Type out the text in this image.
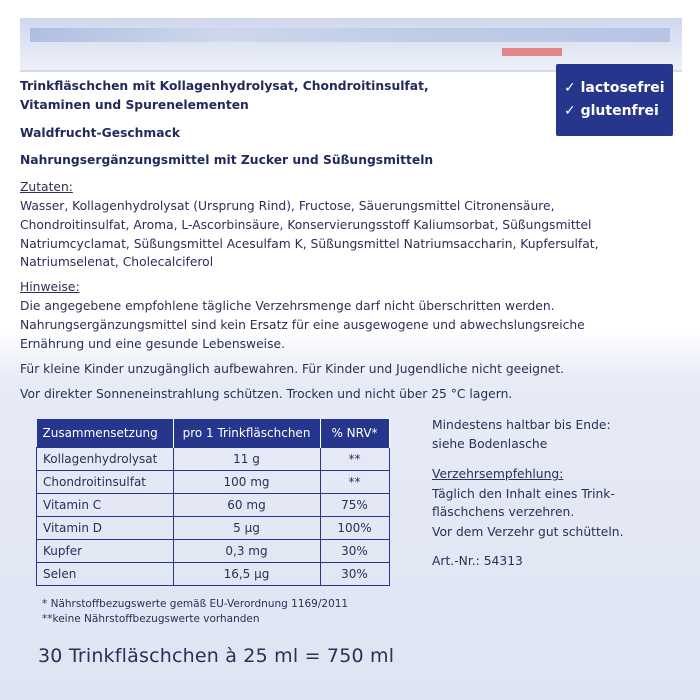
Trinkfläschchen mit Kollagenhydrolysat, Chondroitinsulfat,

Vitaminen und Spurenelementen

Waldfrucht-Geschmack

Nahrungsergänzungsmittel mit Zucker und Süßungsmitteln

✓ lactosefrei
✓ glutenfrei

Zutaten:

Wasser, Kollagenhydrolysat (Ursprung Rind), Fructose, Säuerungsmittel Citronensäure,

Chondroitinsulfat, Aroma, L-Ascorbinsäure, Konservierungsstoff Kaliumsorbat, Süßungsmittel

Natriumcyclamat, Süßungsmittel Acesulfam K, Süßungsmittel Natriumsaccharin, Kupfersulfat,

Natriumselenat, Cholecalciferol

Hinweise:

Die angegebene empfohlene tägliche Verzehrsmenge darf nicht überschritten werden.

Nahrungsergänzungsmittel sind kein Ersatz für eine ausgewogene und abwechslungsreiche

Ernährung und eine gesunde Lebensweise.

Für kleine Kinder unzugänglich aufbewahren. Für Kinder und Jugendliche nicht geeignet.

Vor direkter Sonneneinstrahlung schützen. Trocken und nicht über 25 °C lagern.

Zusammensetzung	pro 1 Trinkfläschchen	% NRV*
Kollagenhydrolysat	11 g	**
Chondroitinsulfat	100 mg	**
Vitamin C	60 mg	75%
Vitamin D	5 µg	100%
Kupfer	0,3 mg	30%
Selen	16,5 µg	30%
Mindestens haltbar bis Ende:
siehe Bodenlasche
Verzehrsempfehlung:
Täglich den Inhalt eines Trink-
fläschchens verzehren.
Vor dem Verzehr gut schütteln.
Art.-Nr.: 54313
* Nährstoffbezugswerte gemäß EU-Verordnung 1169/2011
**keine Nährstoffbezugswerte vorhanden
30 Trinkfläschchen à 25 ml = 750 ml
